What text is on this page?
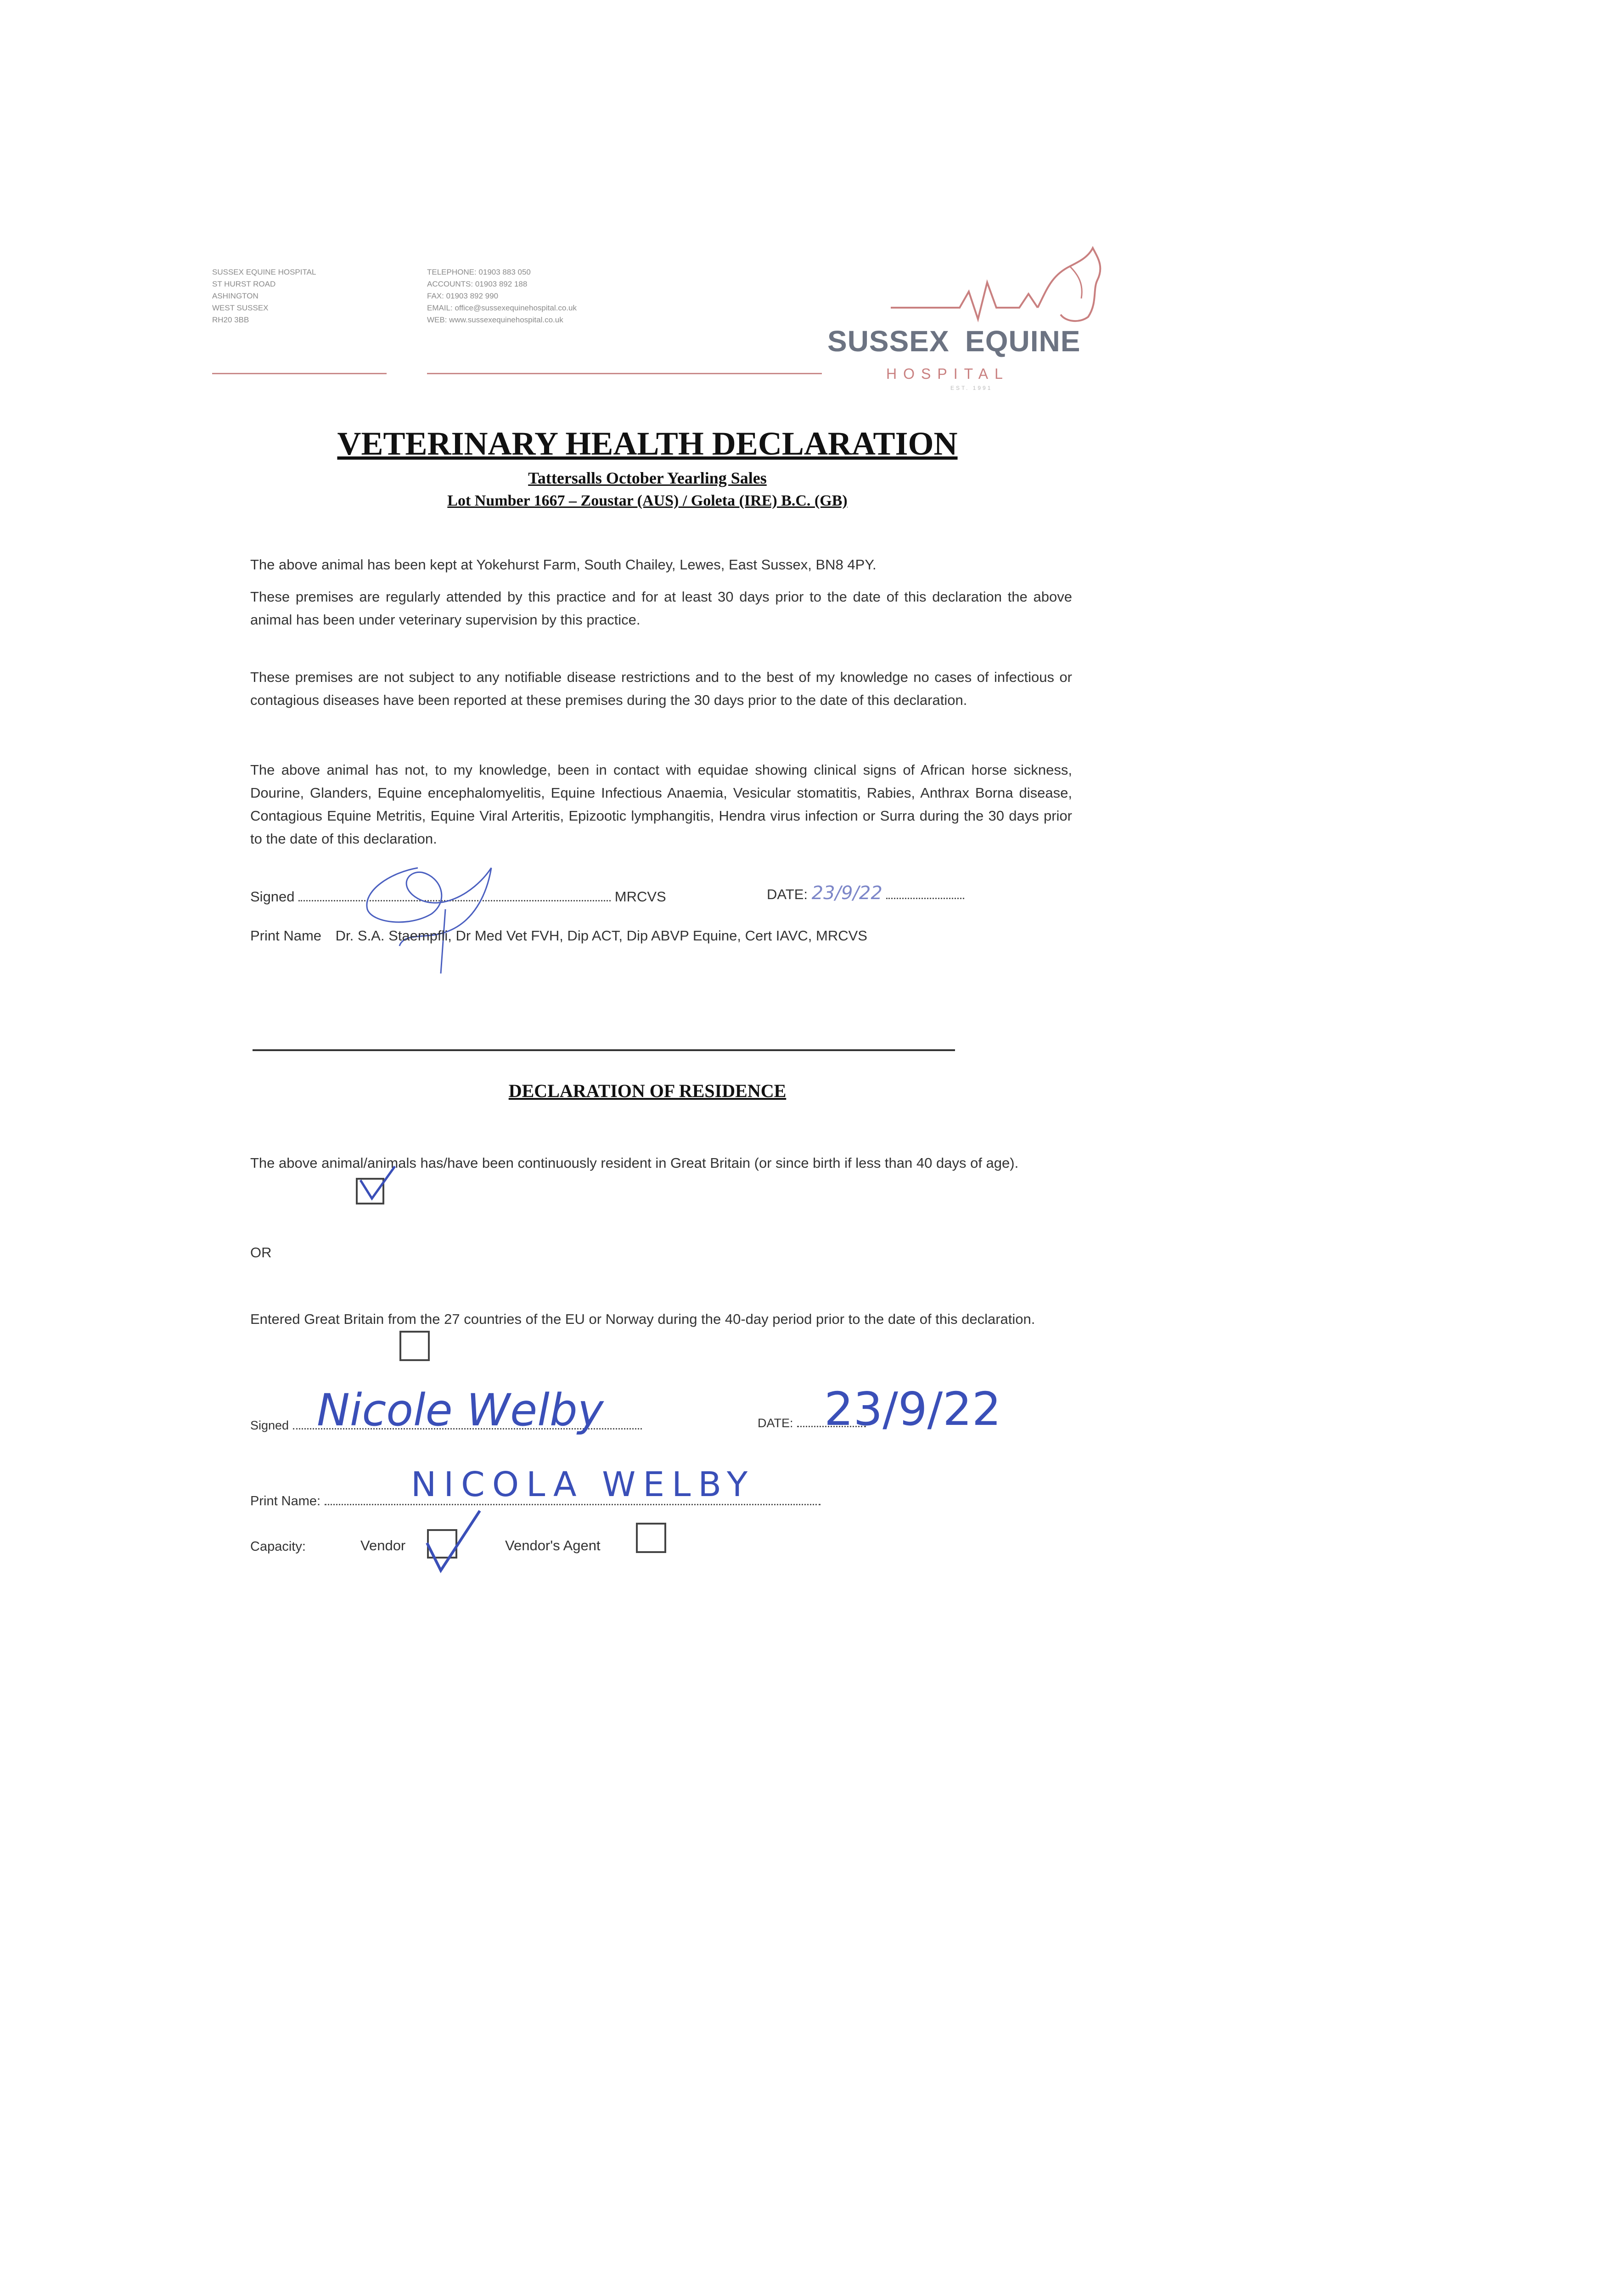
SUSSEX EQUINE HOSPITAL
ST HURST ROAD
ASHINGTON
WEST SUSSEX
RH20 3BB
TELEPHONE: 01903 883 050
ACCOUNTS: 01903 892 188
FAX: 01903 892 990
EMAIL: office@sussexequinehospital.co.uk
WEB: www.sussexequinehospital.co.uk
SUSSEX EQUINE
HOSPITAL
EST. 1991
VETERINARY HEALTH DECLARATION
Tattersalls October Yearling Sales
Lot Number 1667 – Zoustar (AUS) / Goleta (IRE) B.C. (GB)
The above animal has been kept at Yokehurst Farm, South Chailey, Lewes, East Sussex, BN8 4PY.
These premises are regularly attended by this practice and for at least 30 days prior to the date of this declaration the above animal has been under veterinary supervision by this practice.
These premises are not subject to any notifiable disease restrictions and to the best of my knowledge no cases of infectious or contagious diseases have been reported at these premises during the 30 days prior to the date of this declaration.
The above animal has not, to my knowledge, been in contact with equidae showing clinical signs of African horse sickness, Dourine, Glanders, Equine encephalomyelitis, Equine Infectious Anaemia, Vesicular stomatitis, Rabies, Anthrax Borna disease, Contagious Equine Metritis, Equine Viral Arteritis, Epizootic lymphangitis, Hendra virus infection or Surra during the 30 days prior to the date of this declaration.
Signed	MRCVS	DATE: 23/9/22
Print Name Dr. S.A. Staempfli, Dr Med Vet FVH, Dip ACT, Dip ABVP Equine, Cert IAVC, MRCVS
DECLARATION OF RESIDENCE
The above animal/animals has/have been continuously resident in Great Britain (or since birth if less than 40 days of age).
OR
Entered Great Britain from the 27 countries of the EU or Norway during the 40-day period prior to the date of this declaration.
Signed Nicole Welby	DATE: 23/9/22
Print Name:	NICOLA WELBY
Capacity:	Vendor	Vendor's Agent
